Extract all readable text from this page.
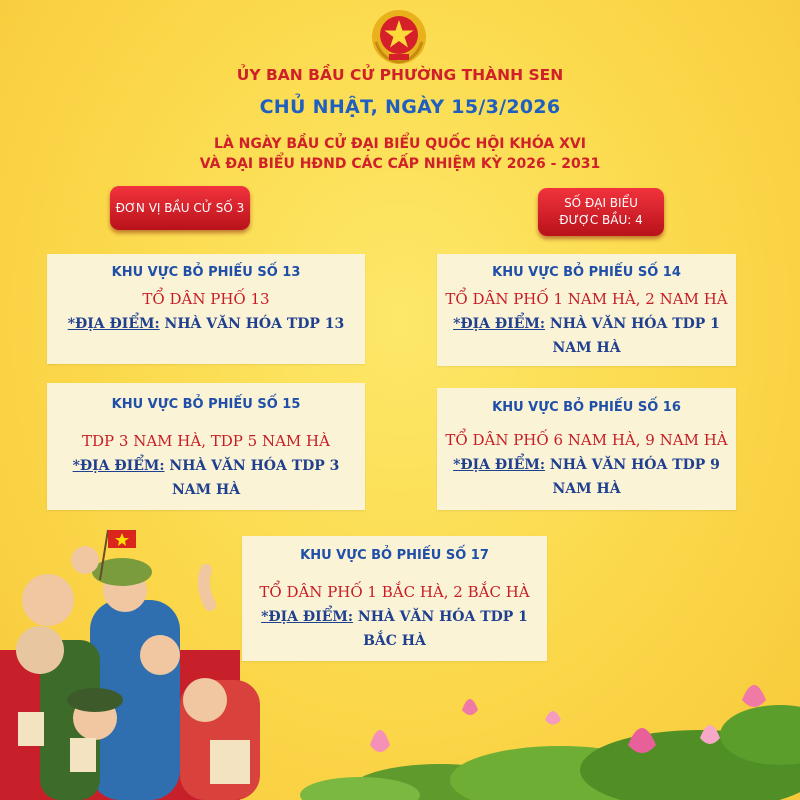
ỦY BAN BẦU CỬ PHƯỜNG THÀNH SEN
CHỦ NHẬT, NGÀY 15/3/2026
LÀ NGÀY BẦU CỬ ĐẠI BIỂU QUỐC HỘI KHÓA XVI
VÀ ĐẠI BIỂU HĐND CÁC CẤP NHIỆM KỲ 2026 - 2031
ĐƠN VỊ BẦU CỬ SỐ 3	SỐ ĐẠI BIỂU
ĐƯỢC BẦU: 4
KHU VỰC BỎ PHIẾU SỐ 13
TỔ DÂN PHỐ 13
*ĐỊA ĐIỂM: NHÀ VĂN HÓA TDP 13
KHU VỰC BỎ PHIẾU SỐ 14
TỔ DÂN PHỐ 1 NAM HÀ, 2 NAM HÀ
*ĐỊA ĐIỂM: NHÀ VĂN HÓA TDP 1
NAM HÀ
KHU VỰC BỎ PHIẾU SỐ 15
TDP 3 NAM HÀ, TDP 5 NAM HÀ
*ĐỊA ĐIỂM: NHÀ VĂN HÓA TDP 3
NAM HÀ
KHU VỰC BỎ PHIẾU SỐ 16
TỔ DÂN PHỐ 6 NAM HÀ, 9 NAM HÀ
*ĐỊA ĐIỂM: NHÀ VĂN HÓA TDP 9
NAM HÀ
KHU VỰC BỎ PHIẾU SỐ 17
TỔ DÂN PHỐ 1 BẮC HÀ, 2 BẮC HÀ
*ĐỊA ĐIỂM: NHÀ VĂN HÓA TDP 1
BẮC HÀ
